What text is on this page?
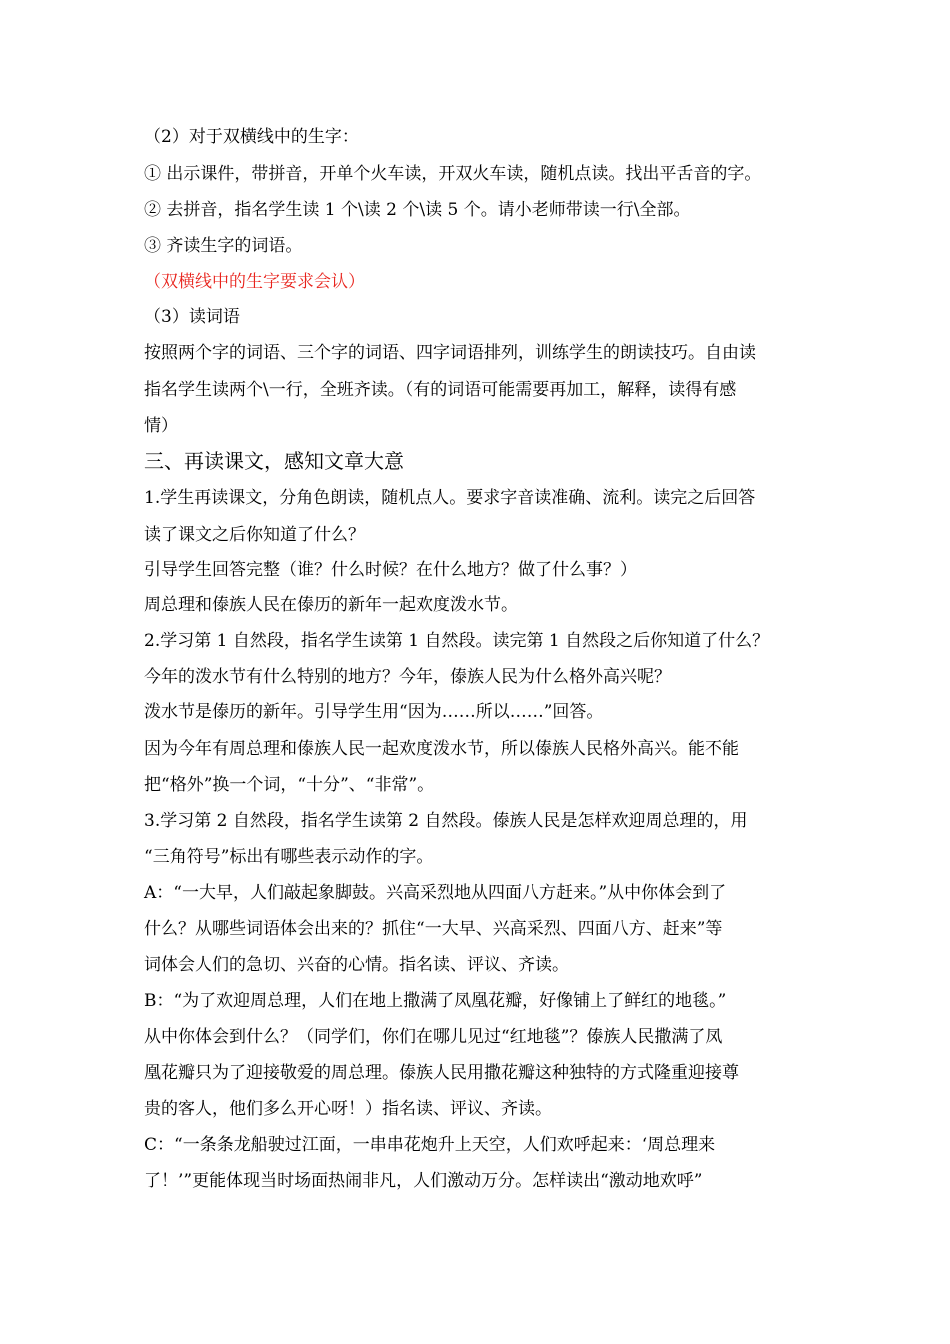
（2）对于双横线中的生字：

① 出示课件，带拼音，开单个火车读，开双火车读，随机点读。找出平舌音的字。

② 去拼音，指名学生读 1 个\读 2 个\读 5 个。请小老师带读一行\全部。

③ 齐读生字的词语。

（双横线中的生字要求会认）

（3）读词语

按照两个字的词语、三个字的词语、四字词语排列，训练学生的朗读技巧。自由读

指名学生读两个\一行，全班齐读。（有的词语可能需要再加工，解释，读得有感

情）

三、再读课文，感知文章大意

1.学生再读课文，分角色朗读，随机点人。要求字音读准确、流利。读完之后回答

读了课文之后你知道了什么？

引导学生回答完整（谁？什么时候？在什么地方？做了什么事？）

周总理和傣族人民在傣历的新年一起欢度泼水节。

2.学习第 1 自然段，指名学生读第 1 自然段。读完第 1 自然段之后你知道了什么？

今年的泼水节有什么特别的地方？今年，傣族人民为什么格外高兴呢？

泼水节是傣历的新年。引导学生用“因为……所以……”回答。

因为今年有周总理和傣族人民一起欢度泼水节，所以傣族人民格外高兴。能不能

把“格外”换一个词，“十分”、“非常”。

3.学习第 2 自然段，指名学生读第 2 自然段。傣族人民是怎样欢迎周总理的，用

“三角符号”标出有哪些表示动作的字。

A：“一大早，人们敲起象脚鼓。兴高采烈地从四面八方赶来。”从中你体会到了

什么？从哪些词语体会出来的？抓住“一大早、兴高采烈、四面八方、赶来”等

词体会人们的急切、兴奋的心情。指名读、评议、齐读。

B：“为了欢迎周总理，人们在地上撒满了凤凰花瓣，好像铺上了鲜红的地毯。”

从中你体会到什么？（同学们，你们在哪儿见过“红地毯”？傣族人民撒满了凤

凰花瓣只为了迎接敬爱的周总理。傣族人民用撒花瓣这种独特的方式隆重迎接尊

贵的客人，他们多么开心呀！）指名读、评议、齐读。

C：“一条条龙船驶过江面，一串串花炮升上天空，人们欢呼起来：‘周总理来

了！’”更能体现当时场面热闹非凡，人们激动万分。怎样读出“激动地欢呼”
